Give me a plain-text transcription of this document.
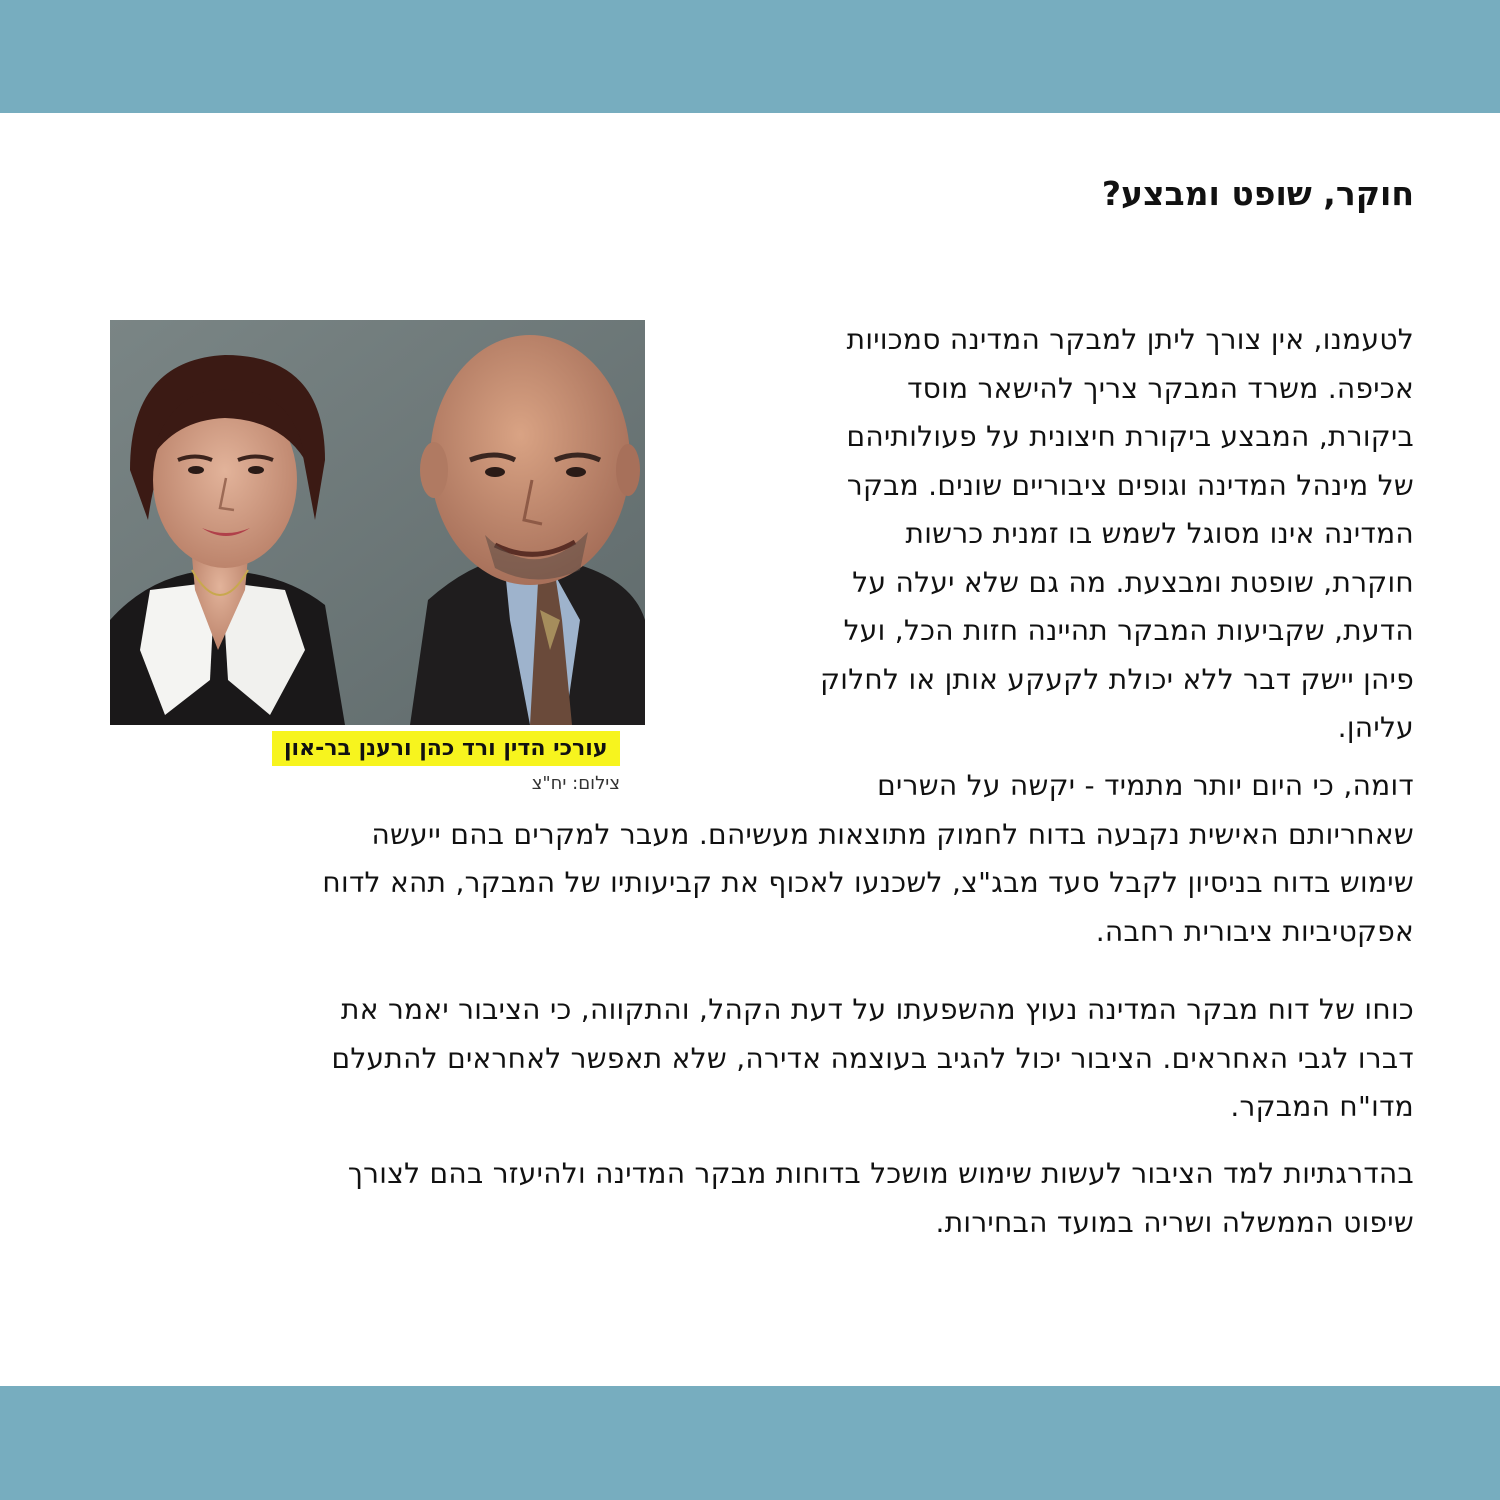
חוקר, שופט ומבצע?
לטעמנו, אין צורך ליתן למבקר המדינה סמכויות
אכיפה. משרד המבקר צריך להישאר מוסד
ביקורת, המבצע ביקורת חיצונית על פעולותיהם
של מינהל המדינה וגופים ציבוריים שונים. מבקר
המדינה אינו מסוגל לשמש בו זמנית כרשות
חוקרת, שופטת ומבצעת. מה גם שלא יעלה על
הדעת, שקביעות המבקר תהיינה חזות הכל, ועל
פיהן יישק דבר ללא יכולת לקעקע אותן או לחלוק
עליהן.
עורכי הדין ורד כהן ורענן בר-און
צילום: יח"צ	דומה, כי היום יותר מתמיד - יקשה על השרים
שאחריותם האישית נקבעה בדוח לחמוק מתוצאות מעשיהם. מעבר למקרים בהם ייעשה
שימוש בדוח בניסיון לקבל סעד מבג"צ, לשכנעו לאכוף את קביעותיו של המבקר, תהא לדוח
אפקטיביות ציבורית רחבה.
כוחו של דוח מבקר המדינה נעוץ מהשפעתו על דעת הקהל, והתקווה, כי הציבור יאמר את
דברו לגבי האחראים. הציבור יכול להגיב בעוצמה אדירה, שלא תאפשר לאחראים להתעלם
מדו"ח המבקר.
בהדרגתיות למד הציבור לעשות שימוש מושכל בדוחות מבקר המדינה ולהיעזר בהם לצורך
שיפוט הממשלה ושריה במועד הבחירות.
